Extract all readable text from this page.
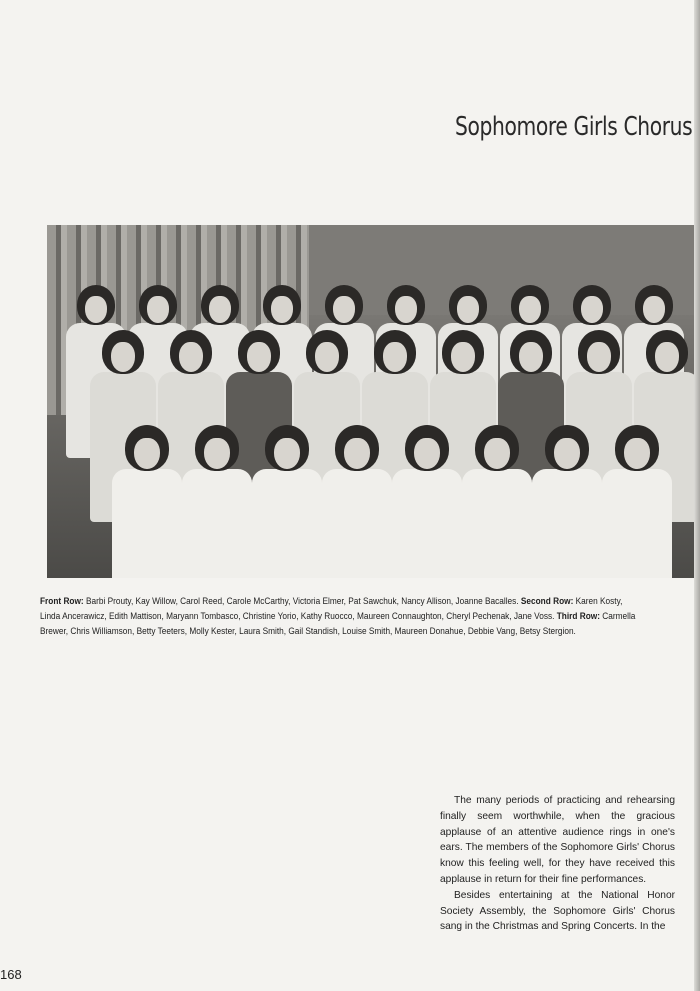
Sophomore Girls Chorus
Front Row: Barbi Prouty, Kay Willow, Carol Reed, Carole McCarthy, Victoria Elmer, Pat Sawchuk, Nancy Allison, Joanne Bacalles. Second Row: Karen Kosty, Linda Ancerawicz, Edith Mattison, Maryann Tombasco, Christine Yorio, Kathy Ruocco, Maureen Connaughton, Cheryl Pechenak, Jane Voss. Third Row: Carmella Brewer, Chris Williamson, Betty Teeters, Molly Kester, Laura Smith, Gail Standish, Louise Smith, Maureen Donahue, Debbie Vang, Betsy Stergion.

The many periods of practicing and rehearsing finally seem worthwhile, when the gracious applause of an attentive audience rings in one's ears. The members of the Sophomore Girls' Chorus know this feeling well, for they have received this applause in return for their fine performances.

Besides entertaining at the National Honor Society Assembly, the Sophomore Girls' Chorus sang in the Christmas and Spring Concerts. In the

168
